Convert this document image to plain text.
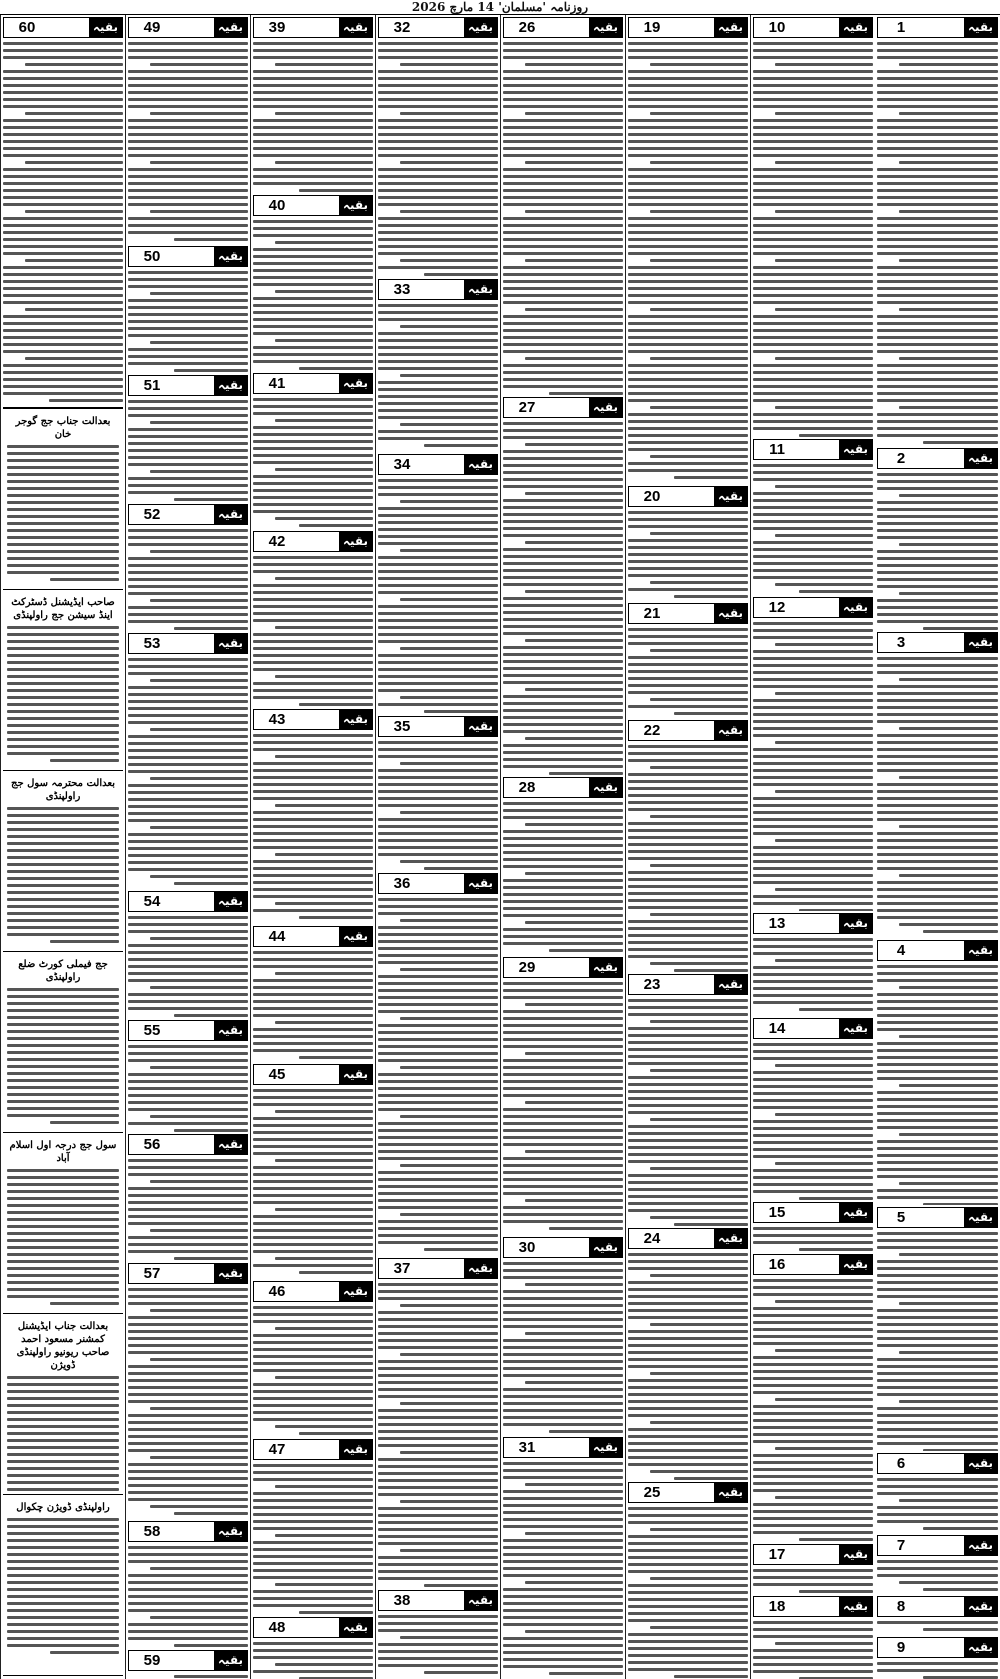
روزنامہ 'مسلمان' 14 مارچ 2026
1	بقیہ
2	بقیہ
3	بقیہ
4	بقیہ
5	بقیہ
6	بقیہ
7	بقیہ
8	بقیہ
9	بقیہ
10	بقیہ
11	بقیہ
12	بقیہ
13	بقیہ
14	بقیہ
15	بقیہ
16	بقیہ
17	بقیہ
18	بقیہ
19	بقیہ
20	بقیہ
21	بقیہ
22	بقیہ
23	بقیہ
24	بقیہ
25	بقیہ
26	بقیہ
27	بقیہ
28	بقیہ
29	بقیہ
30	بقیہ
31	بقیہ
32	بقیہ
33	بقیہ
34	بقیہ
35	بقیہ
36	بقیہ
37	بقیہ
38	بقیہ
39	بقیہ
40	بقیہ
41	بقیہ
42	بقیہ
43	بقیہ
44	بقیہ
45	بقیہ
46	بقیہ
47	بقیہ
48	بقیہ
49	بقیہ
50	بقیہ
51	بقیہ
52	بقیہ
53	بقیہ
54	بقیہ
55	بقیہ
56	بقیہ
57	بقیہ
58	بقیہ
59	بقیہ
60	بقیہ
بعدالت جناب جج گوجر خان
صاحب ایڈیشنل ڈسٹرکٹ اینڈ سیشن جج راولپنڈی
بعدالت محترمہ سول جج راولپنڈی
جج فیملی کورٹ ضلع راولپنڈی
سول جج درجہ اول اسلام آباد
بعدالت جناب ایڈیشنل کمشنر مسعود احمد صاحب ریونیو راولپنڈی ڈویژن
راولپنڈی ڈویژن چکوال
